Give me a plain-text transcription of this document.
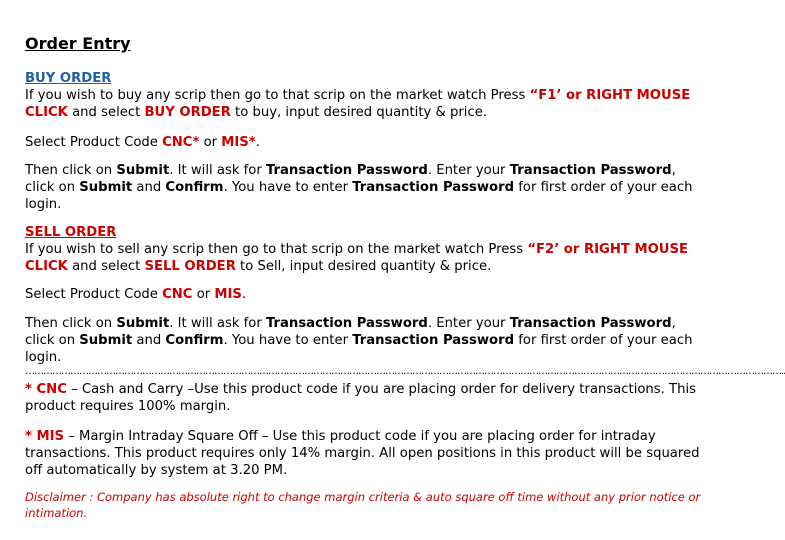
Order Entry
BUY ORDER
If you wish to buy any scrip then go to that scrip on the market watch Press “F1’ or RIGHT MOUSE CLICK and select BUY ORDER to buy, input desired quantity & price.
Select Product Code CNC* or MIS*.
Then click on Submit. It will ask for Transaction Password. Enter your Transaction Password, click on Submit and Confirm. You have to enter Transaction Password for first order of your each login.
SELL ORDER
If you wish to sell any scrip then go to that scrip on the market watch Press “F2’ or RIGHT MOUSE CLICK and select SELL ORDER to Sell, input desired quantity & price.
Select Product Code CNC or MIS.
Then click on Submit. It will ask for Transaction Password. Enter your Transaction Password, click on Submit and Confirm. You have to enter Transaction Password for first order of your each login.
………………………………………………………………………………………………………………………………………………………………………………………………………………………………..
* CNC – Cash and Carry –Use this product code if you are placing order for delivery transactions. This product requires 100% margin.
* MIS – Margin Intraday Square Off – Use this product code if you are placing order for intraday transactions. This product requires only 14% margin. All open positions in this product will be squared off automatically by system at 3.20 PM.
Disclaimer : Company has absolute right to change margin criteria & auto square off time without any prior notice or intimation.
